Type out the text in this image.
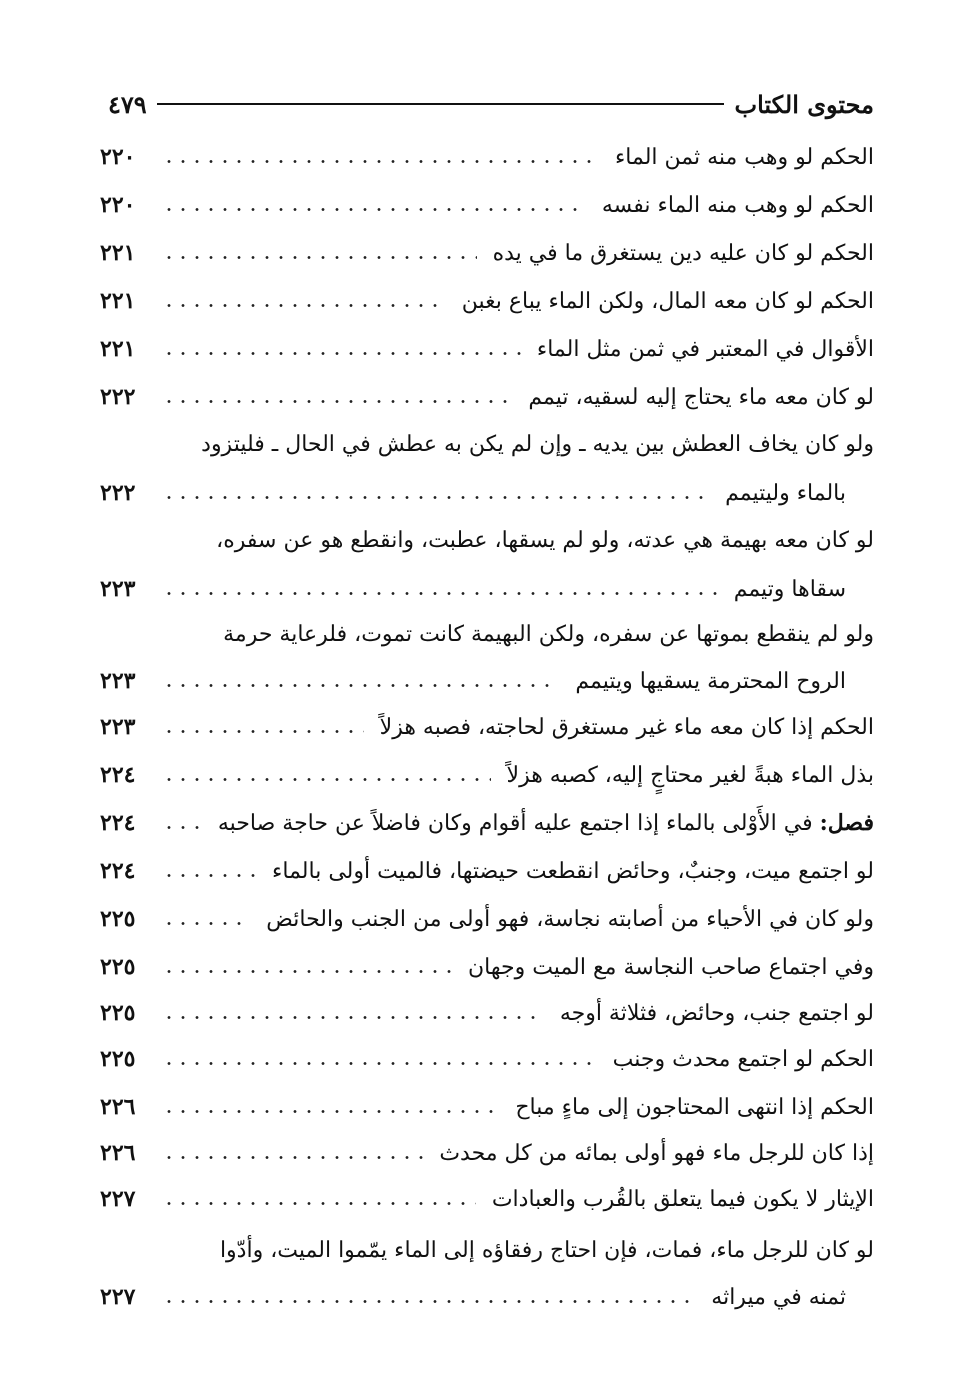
محتوى الكتاب
٤٧٩
الحكم لو وهب منه ثمن الماء
٢٢٠
الحكم لو وهب منه الماء نفسه
٢٢٠
الحكم لو كان عليه دين يستغرق ما في يده
٢٢١
الحكم لو كان معه المال، ولكن الماء يباع بغبن
٢٢١
الأقوال في المعتبر في ثمن مثل الماء
٢٢١
لو كان معه ماء يحتاج إليه لسقيه، تيمم
٢٢٢
ولو كان يخاف العطش بين يديه ـ وإن لم يكن به عطش في الحال ـ فليتزود
بالماء وليتيمم
٢٢٢
لو كان معه بهيمة هي عدته، ولو لم يسقها، عطبت، وانقطع هو عن سفره،
سقاها وتيمم
٢٢٣
ولو لم ينقطع بموتها عن سفره، ولكن البهيمة كانت تموت، فلرعاية حرمة
الروح المحترمة يسقيها ويتيمم
٢٢٣
الحكم إذا كان معه ماء غير مستغرق لحاجته، فصبه هزلاً
٢٢٣
بذل الماء هبةً لغير محتاجٍ إليه، كصبه هزلاً
٢٢٤
فصل: في الأَوْلى بالماء إذا اجتمع عليه أقوام وكان فاضلاً عن حاجة صاحبه
٢٢٤
لو اجتمع ميت، وجنبٌ، وحائض انقطعت حيضتها، فالميت أولى بالماء
٢٢٤
ولو كان في الأحياء من أصابته نجاسة، فهو أولى من الجنب والحائض
٢٢٥
وفي اجتماع صاحب النجاسة مع الميت وجهان
٢٢٥
لو اجتمع جنب، وحائض، فثلاثة أوجه
٢٢٥
الحكم لو اجتمع محدث وجنب
٢٢٥
الحكم إذا انتهى المحتاجون إلى ماءٍ مباح
٢٢٦
إذا كان للرجل ماء فهو أولى بمائه من كل محدث
٢٢٦
الإيثار لا يكون فيما يتعلق بالقُرب والعبادات
٢٢٧
لو كان للرجل ماء، فمات، فإن احتاج رفقاؤه إلى الماء يمّموا الميت، وأدّوا
ثمنه في ميراثه
٢٢٧
